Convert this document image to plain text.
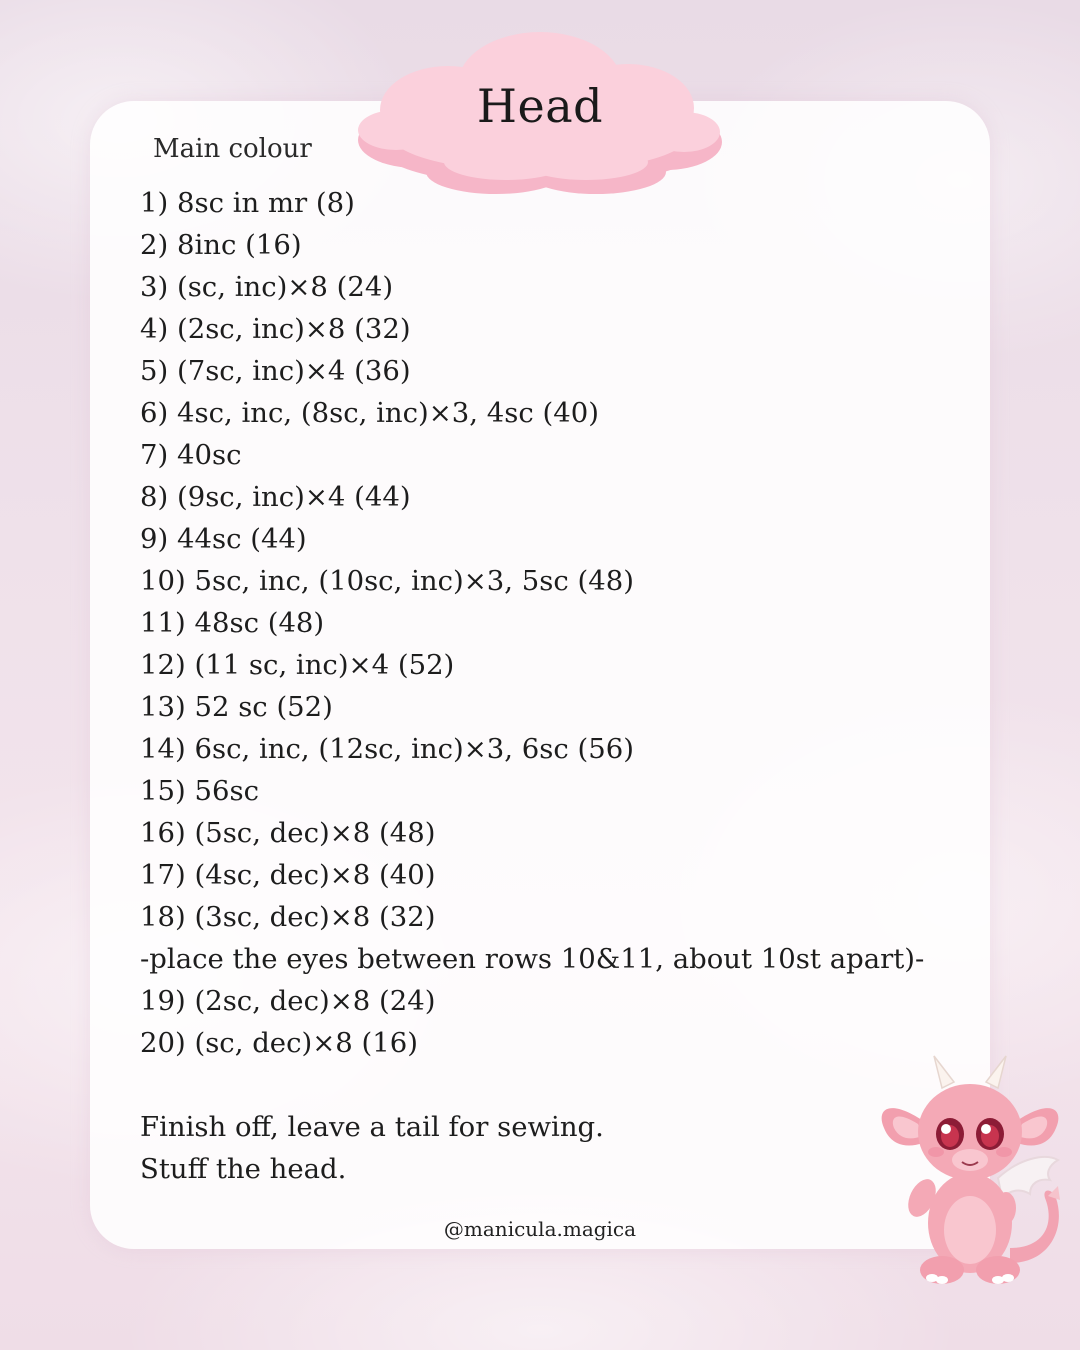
Head
Main colour
1) 8sc in mr (8)
2) 8inc (16)
3) (sc, inc)×8 (24)
4) (2sc, inc)×8 (32)
5) (7sc, inc)×4 (36)
6) 4sc, inc, (8sc, inc)×3, 4sc (40)
7) 40sc
8) (9sc, inc)×4 (44)
9) 44sc (44)
10) 5sc, inc, (10sc, inc)×3, 5sc (48)
11) 48sc (48)
12) (11 sc, inc)×4 (52)
13) 52 sc (52)
14) 6sc, inc, (12sc, inc)×3, 6sc (56)
15) 56sc
16) (5sc, dec)×8 (48)
17) (4sc, dec)×8 (40)
18) (3sc, dec)×8 (32)
-place the eyes between rows 10&11, about 10st apart)-
19) (2sc, dec)×8 (24)
20) (sc, dec)×8 (16)
Finish off, leave a tail for sewing.
Stuff the head.
@manicula.magica
